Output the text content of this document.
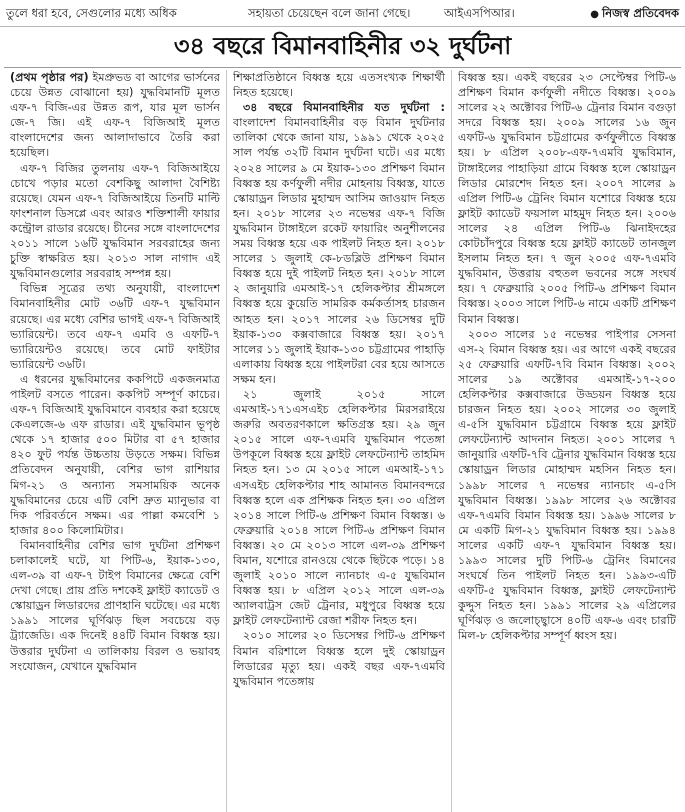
তুলে ধরা হবে, সেগুলোর মধ্যে অধিক	সহায়তা চেয়েছেন বলে জানা গেছে।	আইএসপিআর।
●	নিজস্ব প্রতিবেদক
৩৪ বছরে বিমানবাহিনীর ৩২ দুর্ঘটনা

(প্রথম পৃষ্ঠার পর) ইমপ্রুভড বা আগের ভার্সনের চেয়ে উন্নত বোঝানো হয়) যুদ্ধবিমানটি মূলত এফ-৭ বিজি-এর উন্নত রূপ, যার মূল ভার্সন জে-৭ জি। এই এফ-৭ বিজিআই মূলত বাংলাদেশের জন্য আলাদাভাবে তৈরি করা হয়েছিল।

এফ-৭ বিজির তুলনায় এফ-৭ বিজিআইয়ে চোখে পড়ার মতো বেশকিছু আলাদা বৈশিষ্ট্য রয়েছে। যেমন এফ-৭ বিজিআইয়ে তিনটি মাল্টি ফাংশনাল ডিসপ্লে এবং আরও শক্তিশালী ফায়ার কন্ট্রোল রাডার রয়েছে। চীনের সঙ্গে বাংলাদেশের ২০১১ সালে ১৬টি যুদ্ধবিমান সরবরাহের জন্য চুক্তি স্বাক্ষরিত হয়। ২০১৩ সাল নাগাদ এই যুদ্ধবিমানগুলোর সরবরাহ সম্পন্ন হয়।

বিভিন্ন সূত্রের তথ্য অনুযায়ী, বাংলাদেশ বিমানবাহিনীর মোট ৩৬টি এফ-৭ যুদ্ধবিমান রয়েছে। এর মধ্যে বেশির ভাগই এফ-৭ বিজিআই ভ্যারিয়েন্ট। তবে এফ-৭ এমবি ও এফটি-৭ ভ্যারিয়েন্টও রয়েছে। তবে মোট ফাইটার ভ্যারিয়েন্ট ৩৬টি।

এ ধরনের যুদ্ধবিমানের ককপিটে একজনমাত্র পাইলট বসতে পারেন। ককপিট সম্পূর্ণ কাচের। এফ-৭ বিজিআই যুদ্ধবিমানে ব্যবহার করা হয়েছে কেএলজে-৬ এফ রাডার। এই যুদ্ধবিমান ভূপৃষ্ঠ থেকে ১৭ হাজার ৫০০ মিটার বা ৫৭ হাজার ৪২০ ফুট পর্যন্ত উচ্চতায় উড়তে সক্ষম। বিভিন্ন প্রতিবেদন অনুযায়ী, বেশির ভাগ রাশিয়ার মিগ-২১ ও অন্যান্য সমসাময়িক অনেক যুদ্ধবিমানের চেয়ে এটি বেশি দ্রুত ম্যানুভার বা দিক পরিবর্তনে সক্ষম। এর পাল্লা কমবেশি ১ হাজার ৪০০ কিলোমিটার।

বিমানবাহিনীর বেশির ভাগ দুর্ঘটনা প্রশিক্ষণ চলাকালেই ঘটে, যা পিটি-৬, ইয়াক-১৩০, এল-৩৯ বা এফ-৭ টাইপ বিমানের ক্ষেত্রে বেশি দেখা গেছে। প্রায় প্রতি দশকেই ফ্লাইট ক্যাডেট ও স্কোয়াড্রন লিডারদের প্রাণহানি ঘটেছে। এর মধ্যে ১৯৯১ সালের ঘূর্ণিঝড় ছিল সবচেয়ে বড় ট্র্যাজেডি। এক দিনেই ৪৪টি বিমান বিধ্বস্ত হয়। উত্তরার দুর্ঘটনা এ তালিকায় বিরল ও ভয়াবহ সংযোজন, যেখানে যুদ্ধবিমান

শিক্ষাপ্রতিষ্ঠানে বিধ্বস্ত হয়ে এতসংখ্যক শিক্ষার্থী নিহত হয়েছে।

৩৪ বছরে বিমানবাহিনীর যত দুর্ঘটনা : বাংলাদেশ বিমানবাহিনীর বড় বিমান দুর্ঘটনার তালিকা থেকে জানা যায়, ১৯৯১ থেকে ২০২৫ সাল পর্যন্ত ৩২টি বিমান দুর্ঘটনা ঘটে। এর মধ্যে ২০২৪ সালের ৯ মে ইয়াক-১৩০ প্রশিক্ষণ বিমান বিধ্বস্ত হয় কর্ণফুলী নদীর মোহনায় বিধ্বস্ত, যাতে স্কোয়াড্রন লিডার মুহাম্মদ আসিম জাওয়াদ নিহত হন। ২০১৮ সালের ২৩ নভেম্বর এফ-৭ বিজি যুদ্ধবিমান টাঙ্গাইলে রকেট ফায়ারিং অনুশীলনের সময় বিধ্বস্ত হয়ে এক পাইলট নিহত হন। ২০১৮ সালের ১ জুলাই কে-৮ডব্লিউ প্রশিক্ষণ বিমান বিধ্বস্ত হয়ে দুই পাইলট নিহত হন। ২০১৮ সালে ২ জানুয়ারি এমআই-১৭ হেলিকপ্টার শ্রীমঙ্গলে বিধ্বস্ত হয়ে কুয়েতি সামরিক কর্মকর্তাসহ চারজন আহত হন। ২০১৭ সালের ২৬ ডিসেম্বর দুটি ইয়াক-১৩০ কক্সবাজারে বিধ্বস্ত হয়। ২০১৭ সালের ১১ জুলাই ইয়াক-১৩০ চট্টগ্রামের পাহাড়ি এলাকায় বিধ্বস্ত হয়ে পাইলটরা বের হয়ে আসতে সক্ষম হন।

২১ জুলাই ২০১৫ সালে এমআই-১৭১এসএইচ হেলিকপ্টার মিরসরাইয়ে জরুরি অবতরণকালে ক্ষতিগ্রস্ত হয়। ২৯ জুন ২০১৫ সালে এফ-৭এমবি যুদ্ধবিমান পতেঙ্গা উপকূলে বিধ্বস্ত হয়ে ফ্লাইট লেফটেন্যান্ট তাহমিদ নিহত হন। ১৩ মে ২০১৫ সালে এমআই-১৭১ এসএইচ হেলিকপ্টার শাহ আমানত বিমানবন্দরে বিধ্বস্ত হলে এক প্রশিক্ষক নিহত হন। ৩০ এপ্রিল ২০১৪ সালে পিটি-৬ প্রশিক্ষণ বিমান বিধ্বস্ত। ৬ ফেব্রুয়ারি ২০১৪ সালে পিটি-৬ প্রশিক্ষণ বিমান বিধ্বস্ত। ২০ মে ২০১৩ সালে এল-৩৯ প্রশিক্ষণ বিমান, যশোরে রানওয়ে থেকে ছিটকে পড়ে। ১৪ জুলাই ২০১০ সালে ন্যানচাং এ-৫ যুদ্ধবিমান বিধ্বস্ত হয়। ৮ এপ্রিল ২০১২ সালে এল-৩৯ অ্যালবাট্রস জেট ট্রেনার, মধুপুরে বিধ্বস্ত হয়ে ফ্লাইট লেফটেন্যান্ট রেজা শরীফ নিহত হন।

২০১০ সালের ২০ ডিসেম্বর পিটি-৬ প্রশিক্ষণ বিমান বরিশালে বিধ্বস্ত হলে দুই স্কোয়াড্রন লিডারের মৃত্যু হয়। একই বছর এফ-৭এমবি যুদ্ধবিমান পতেঙ্গায়

বিধ্বস্ত হয়। একই বছরের ২৩ সেপ্টেম্বর পিটি-৬ প্রশিক্ষণ বিমান কর্ণফুলী নদীতে বিধ্বস্ত। ২০০৯ সালের ২২ অক্টোবর পিটি-৬ ট্রেনার বিমান বগুড়া সদরে বিধ্বস্ত হয়। ২০০৯ সালের ১৬ জুন এফটি-৬ যুদ্ধবিমান চট্টগ্রামের কর্ণফুলীতে বিধ্বস্ত হয়। ৮ এপ্রিল ২০০৮-এফ-৭এমবি যুদ্ধবিমান, টাঙ্গাইলের পাহাড়িয়া গ্রামে বিধ্বস্ত হলে স্কোয়াড্রন লিডার মোরশেদ নিহত হন। ২০০৭ সালের ৯ এপ্রিল পিটি-৬ ট্রেনিং বিমান যশোরে বিধ্বস্ত হয়ে ফ্লাইট ক্যাডেট ফয়সাল মাহমুদ নিহত হন। ২০০৬ সালের ২৪ এপ্রিল পিটি-৬ ঝিনাইদহের কোটচাঁদপুরে বিধ্বস্ত হয়ে ফ্লাইট ক্যাডেট তানজুল ইসলাম নিহত হন। ৭ জুন ২০০৫ এফ-৭এমবি যুদ্ধবিমান, উত্তরায় বহুতল ভবনের সঙ্গে সংঘর্ষ হয়। ৭ ফেব্রুয়ারি ২০০৫ পিটি-৬ প্রশিক্ষণ বিমান বিধ্বস্ত। ২০০৩ সালে পিটি-৬ নামে একটি প্রশিক্ষণ বিমান বিধ্বস্ত।

২০০৩ সালের ১৫ নভেম্বর পাইপার সেসনা এস-২ বিমান বিধ্বস্ত হয়। এর আগে একই বছরের ২৫ ফেব্রুয়ারি এফটি-৭বি বিমান বিধ্বস্ত। ২০০২ সালের ১৯ অক্টোবর এমআই-১৭-২০০ হেলিকপ্টার কক্সবাজারে উড্ডয়ন বিধ্বস্ত হয়ে চারজন নিহত হয়। ২০০২ সালের ৩০ জুলাই এ-৫সি যুদ্ধবিমান চট্টগ্রামে বিধ্বস্ত হয়ে ফ্লাইট লেফটেন্যান্ট আদনান নিহত। ২০০১ সালের ৭ জানুয়ারি এফটি-৭বি ট্রেনার যুদ্ধবিমান বিধ্বস্ত হয়ে স্কোয়াড্রন লিডার মোহাম্মদ মহসিন নিহত হন। ১৯৯৮ সালের ৭ নভেম্বর ন্যানচাং এ-৫সি যুদ্ধবিমান বিধ্বস্ত। ১৯৯৮ সালের ২৬ অক্টোবর এফ-৭এমবি বিমান বিধ্বস্ত হয়। ১৯৯৬ সালের ৮ মে একটি মিগ-২১ যুদ্ধবিমান বিধ্বস্ত হয়। ১৯৯৪ সালের একটি এফ-৭ যুদ্ধবিমান বিধ্বস্ত হয়। ১৯৯৩ সালের দুটি পিটি-৬ ট্রেনিং বিমানের সংঘর্ষে তিন পাইলট নিহত হন। ১৯৯৩-এটি এফটি-৫ যুদ্ধবিমান বিধ্বস্ত, ফ্লাইট লেফটেন্যান্ট কুদ্দুস নিহত হন। ১৯৯১ সালের ২৯ এপ্রিলের ঘূর্ণিঝড় ও জলোচ্ছ্বাসে ৪০টি এফ-৬ এবং চারটি মিল-৮ হেলিকপ্টার সম্পূর্ণ ধ্বংস হয়।
